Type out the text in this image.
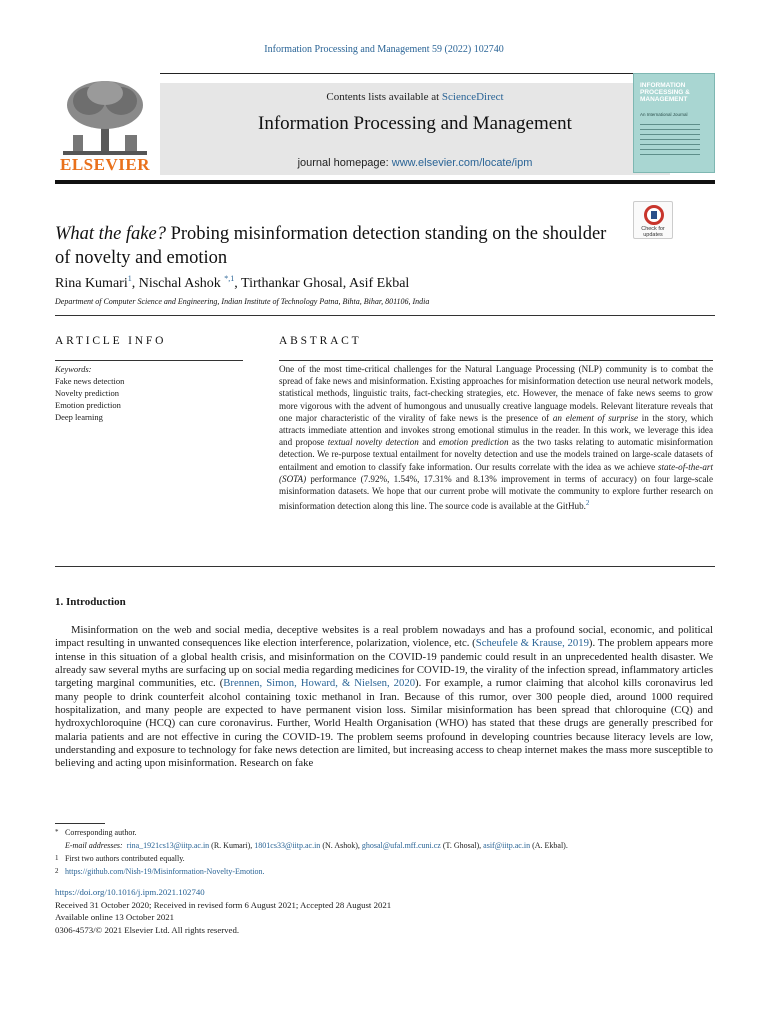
Information Processing and Management 59 (2022) 102740
ELSEVIER
Contents lists available at ScienceDirect
Information Processing and Management
journal homepage: www.elsevier.com/locate/ipm
INFORMATION PROCESSING & MANAGEMENT
An International Journal
Check for updates
What the fake? Probing misinformation detection standing on the shoulder of novelty and emotion
Rina Kumari$^1$, Nischal Ashok $^{*,1}$, Tirthankar Ghosal, Asif Ekbal
Department of Computer Science and Engineering, Indian Institute of Technology Patna, Bihta, Bihar, 801106, India
ARTICLE INFO	ABSTRACT
Keywords:
Fake news detection
Novelty prediction
Emotion prediction
Deep learning
One of the most time-critical challenges for the Natural Language Processing (NLP) community is to combat the spread of fake news and misinformation. Existing approaches for misinformation detection use neural network models, statistical methods, linguistic traits, fact-checking strategies, etc. However, the menace of fake news seems to grow more vigorous with the advent of humongous and unusually creative language models. Relevant literature reveals that one major characteristic of the virality of fake news is the presence of an element of surprise in the story, which attracts immediate attention and invokes strong emotional stimulus in the reader. In this work, we leverage this idea and propose textual novelty detection and emotion prediction as the two tasks relating to automatic misinformation detection. We re-purpose textual entailment for novelty detection and use the models trained on large-scale datasets of entailment and emotion to classify fake information. Our results correlate with the idea as we achieve state-of-the-art (SOTA) performance (7.92%, 1.54%, 17.31% and 8.13% improvement in terms of accuracy) on four large-scale misinformation datasets. We hope that our current probe will motivate the community to explore further research on misinformation detection along this line. The source code is available at the GitHub.$^2$
1. Introduction
Misinformation on the web and social media, deceptive websites is a real problem nowadays and has a profound social, economic, and political impact resulting in unwanted consequences like election interference, polarization, violence, etc. (Scheufele & Krause, 2019). The problem appears more intense in this situation of a global health crisis, and misinformation on the COVID-19 pandemic could result in an unprecedented health disaster. We already saw several myths are surfacing up on social media regarding medicines for COVID-19, the virality of the infection spread, inflammatory articles targeting marginal communities, etc. (Brennen, Simon, Howard, & Nielsen, 2020). For example, a rumor claiming that alcohol kills coronavirus led many people to drink counterfeit alcohol containing toxic methanol in Iran. Because of this rumor, over 300 people died, around 1000 required hospitalization, and many people are expected to have permanent vision loss. Similar misinformation has been spread that chloroquine (CQ) and hydroxychloroquine (HCQ) can cure coronavirus. Further, World Health Organisation (WHO) has stated that these drugs are generally prescribed for malaria patients and are not effective in curing the COVID-19. The problem seems profound in developing countries because literacy levels are low, understanding and exposure to technology for fake news detection are limited, but increasing access to cheap internet makes the mass more susceptible to believing and acting upon misinformation. Research on fake
* Corresponding author.
E-mail addresses: rina_1921cs13@iitp.ac.in (R. Kumari), 1801cs33@iitp.ac.in (N. Ashok), ghosal@ufal.mff.cuni.cz (T. Ghosal), asif@iitp.ac.in (A. Ekbal).
1 First two authors contributed equally.
2 https://github.com/Nish-19/Misinformation-Novelty-Emotion.
https://doi.org/10.1016/j.ipm.2021.102740
Received 31 October 2020; Received in revised form 6 August 2021; Accepted 28 August 2021
Available online 13 October 2021
0306-4573/© 2021 Elsevier Ltd. All rights reserved.
